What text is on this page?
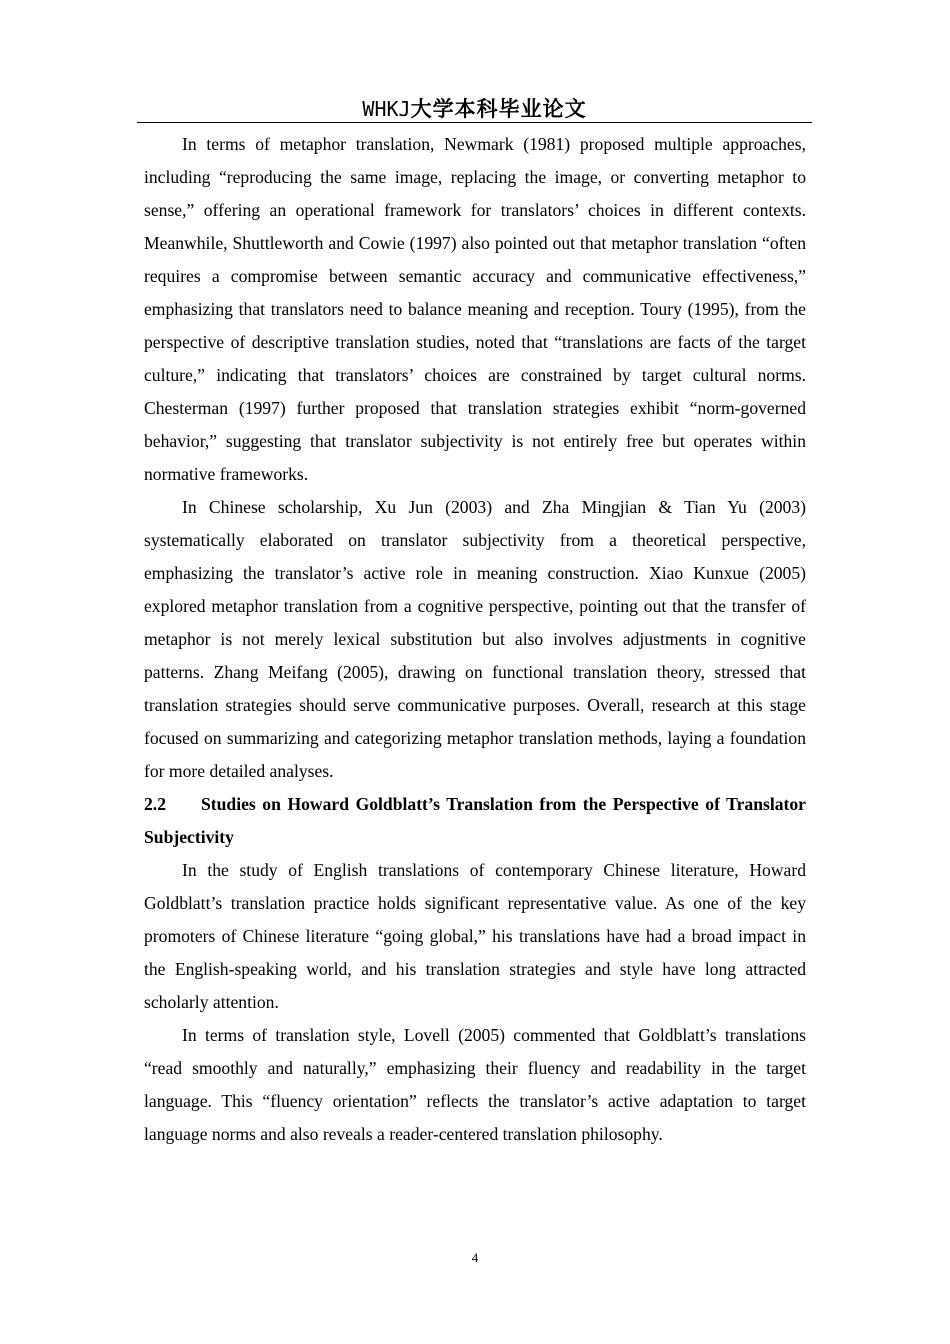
WHKJ大学本科毕业论文

In terms of metaphor translation, Newmark (1981) proposed multiple approaches, including “reproducing the same image, replacing the image, or converting metaphor to sense,” offering an operational framework for translators’ choices in different contexts. Meanwhile, Shuttleworth and Cowie (1997) also pointed out that metaphor translation “often requires a compromise between semantic accuracy and communicative effectiveness,” emphasizing that translators need to balance meaning and reception. Toury (1995), from the perspective of descriptive translation studies, noted that “translations are facts of the target culture,” indicating that translators’ choices are constrained by target cultural norms. Chesterman (1997) further proposed that translation strategies exhibit “norm-governed behavior,” suggesting that translator subjectivity is not entirely free but operates within normative frameworks.

In Chinese scholarship, Xu Jun (2003) and Zha Mingjian & Tian Yu (2003) systematically elaborated on translator subjectivity from a theoretical perspective, emphasizing the translator’s active role in meaning construction. Xiao Kunxue (2005) explored metaphor translation from a cognitive perspective, pointing out that the transfer of metaphor is not merely lexical substitution but also involves adjustments in cognitive patterns. Zhang Meifang (2005), drawing on functional translation theory, stressed that translation strategies should serve communicative purposes. Overall, research at this stage focused on summarizing and categorizing metaphor translation methods, laying a foundation for more detailed analyses.

2.2 Studies on Howard Goldblatt’s Translation from the Perspective of Translator Subjectivity

In the study of English translations of contemporary Chinese literature, Howard Goldblatt’s translation practice holds significant representative value. As one of the key promoters of Chinese literature “going global,” his translations have had a broad impact in the English-speaking world, and his translation strategies and style have long attracted scholarly attention.

In terms of translation style, Lovell (2005) commented that Goldblatt’s translations “read smoothly and naturally,” emphasizing their fluency and readability in the target language. This “fluency orientation” reflects the translator’s active adaptation to target language norms and also reveals a reader-centered translation philosophy.

4
